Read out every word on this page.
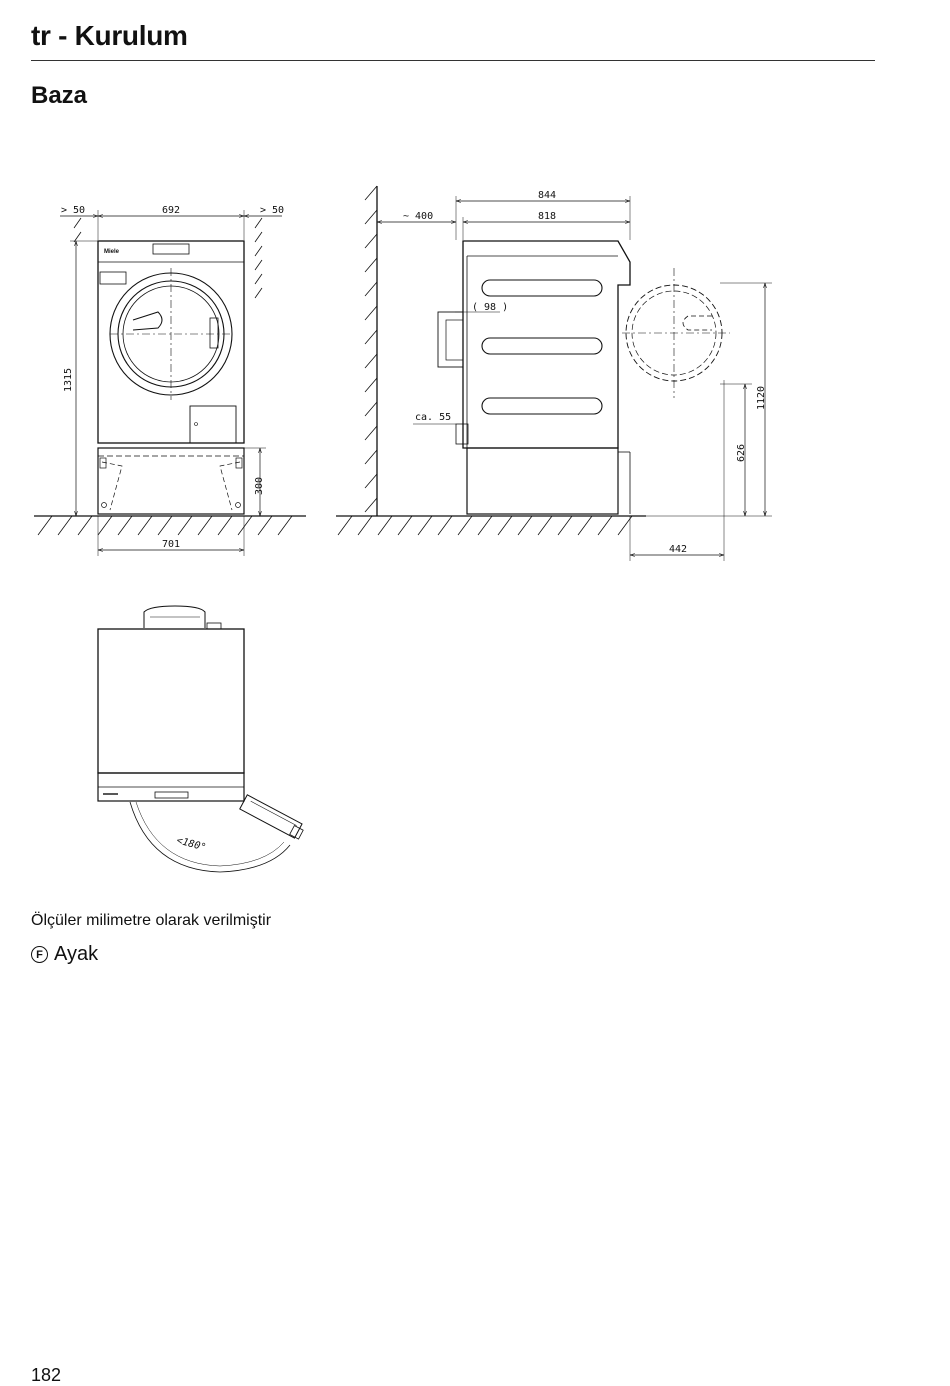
tr - Kurulum
Baza
Miele
> 50	692	> 50
1315
300
701
844
~ 400	818
( 98 )
ca. 55
1120
626
442
<180°
Ölçüler milimetre olarak verilmiştir
F Ayak
182
